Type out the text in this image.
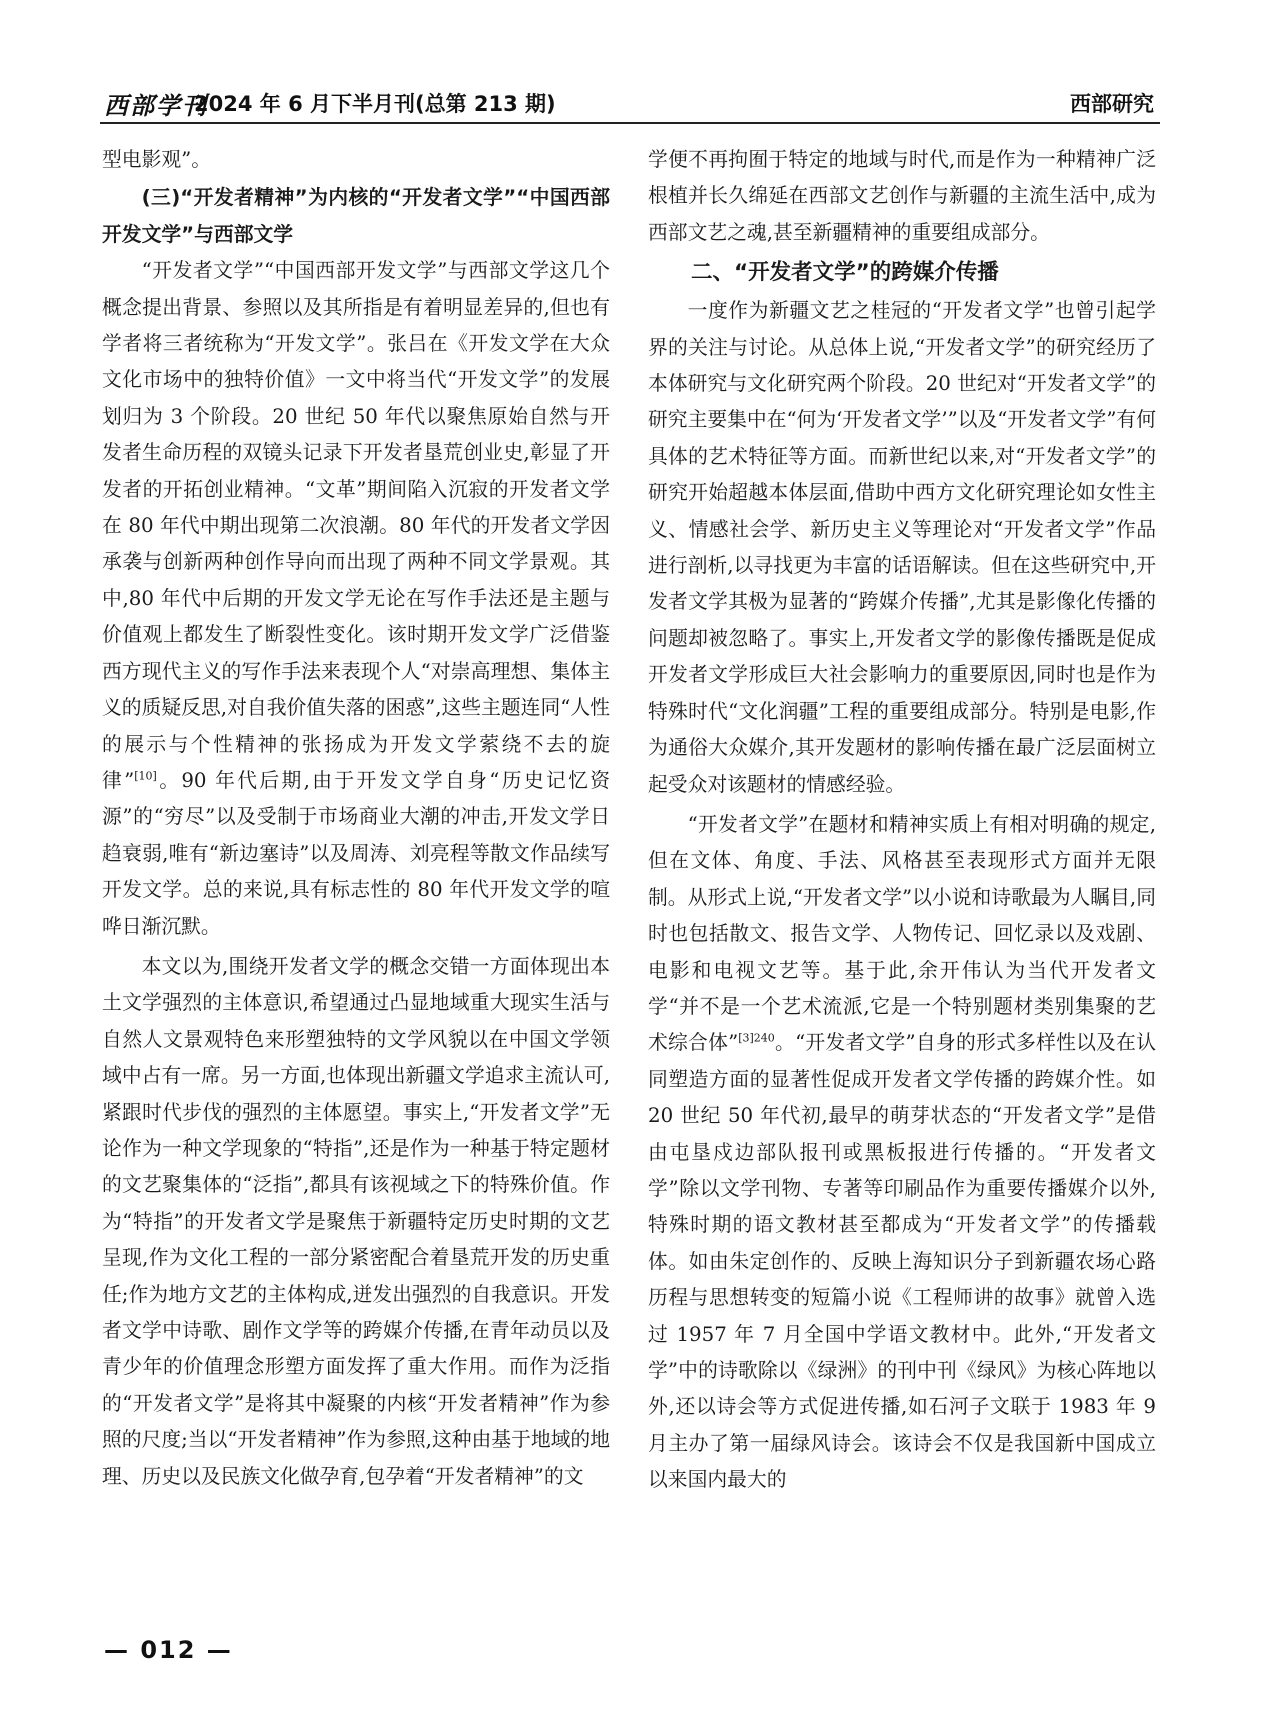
西部学刊
2024 年 6 月下半月刊(总第 213 期)	西部研究

型电影观”。

(三)“开发者精神”为内核的“开发者文学”“中国西部开发文学”与西部文学

“开发者文学”“中国西部开发文学”与西部文学这几个概念提出背景、参照以及其所指是有着明显差异的,但也有学者将三者统称为“开发文学”。张吕在《开发文学在大众文化市场中的独特价值》一文中将当代“开发文学”的发展划归为 3 个阶段。20 世纪 50 年代以聚焦原始自然与开发者生命历程的双镜头记录下开发者垦荒创业史,彰显了开发者的开拓创业精神。“文革”期间陷入沉寂的开发者文学在 80 年代中期出现第二次浪潮。80 年代的开发者文学因承袭与创新两种创作导向而出现了两种不同文学景观。其中,80 年代中后期的开发文学无论在写作手法还是主题与价值观上都发生了断裂性变化。该时期开发文学广泛借鉴西方现代主义的写作手法来表现个人“对崇高理想、集体主义的质疑反思,对自我价值失落的困惑”,这些主题连同“人性的展示与个性精神的张扬成为开发文学萦绕不去的旋律”[10]。90 年代后期,由于开发文学自身“历史记忆资源”的“穷尽”以及受制于市场商业大潮的冲击,开发文学日趋衰弱,唯有“新边塞诗”以及周涛、刘亮程等散文作品续写开发文学。总的来说,具有标志性的 80 年代开发文学的喧哗日渐沉默。

本文以为,围绕开发者文学的概念交错一方面体现出本土文学强烈的主体意识,希望通过凸显地域重大现实生活与自然人文景观特色来形塑独特的文学风貌以在中国文学领域中占有一席。另一方面,也体现出新疆文学追求主流认可,紧跟时代步伐的强烈的主体愿望。事实上,“开发者文学”无论作为一种文学现象的“特指”,还是作为一种基于特定题材的文艺聚集体的“泛指”,都具有该视域之下的特殊价值。作为“特指”的开发者文学是聚焦于新疆特定历史时期的文艺呈现,作为文化工程的一部分紧密配合着垦荒开发的历史重任;作为地方文艺的主体构成,迸发出强烈的自我意识。开发者文学中诗歌、剧作文学等的跨媒介传播,在青年动员以及青少年的价值理念形塑方面发挥了重大作用。而作为泛指的“开发者文学”是将其中凝聚的内核“开发者精神”作为参照的尺度;当以“开发者精神”作为参照,这种由基于地域的地理、历史以及民族文化做孕育,包孕着“开发者精神”的文

学便不再拘囿于特定的地域与时代,而是作为一种精神广泛根植并长久绵延在西部文艺创作与新疆的主流生活中,成为西部文艺之魂,甚至新疆精神的重要组成部分。

二、“开发者文学”的跨媒介传播

一度作为新疆文艺之桂冠的“开发者文学”也曾引起学界的关注与讨论。从总体上说,“开发者文学”的研究经历了本体研究与文化研究两个阶段。20 世纪对“开发者文学”的研究主要集中在“何为‘开发者文学’”以及“开发者文学”有何具体的艺术特征等方面。而新世纪以来,对“开发者文学”的研究开始超越本体层面,借助中西方文化研究理论如女性主义、情感社会学、新历史主义等理论对“开发者文学”作品进行剖析,以寻找更为丰富的话语解读。但在这些研究中,开发者文学其极为显著的“跨媒介传播”,尤其是影像化传播的问题却被忽略了。事实上,开发者文学的影像传播既是促成开发者文学形成巨大社会影响力的重要原因,同时也是作为特殊时代“文化润疆”工程的重要组成部分。特别是电影,作为通俗大众媒介,其开发题材的影响传播在最广泛层面树立起受众对该题材的情感经验。

“开发者文学”在题材和精神实质上有相对明确的规定,但在文体、角度、手法、风格甚至表现形式方面并无限制。从形式上说,“开发者文学”以小说和诗歌最为人瞩目,同时也包括散文、报告文学、人物传记、回忆录以及戏剧、电影和电视文艺等。基于此,余开伟认为当代开发者文学“并不是一个艺术流派,它是一个特别题材类别集聚的艺术综合体”$^{[3]240}$。“开发者文学”自身的形式多样性以及在认同塑造方面的显著性促成开发者文学传播的跨媒介性。如 20 世纪 50 年代初,最早的萌芽状态的“开发者文学”是借由屯垦戍边部队报刊或黑板报进行传播的。“开发者文学”除以文学刊物、专著等印刷品作为重要传播媒介以外,特殊时期的语文教材甚至都成为“开发者文学”的传播载体。如由朱定创作的、反映上海知识分子到新疆农场心路历程与思想转变的短篇小说《工程师讲的故事》就曾入选过 1957 年 7 月全国中学语文教材中。此外,“开发者文学”中的诗歌除以《绿洲》的刊中刊《绿风》为核心阵地以外,还以诗会等方式促进传播,如石河子文联于 1983 年 9 月主办了第一届绿风诗会。该诗会不仅是我国新中国成立以来国内最大的

— 012 —
